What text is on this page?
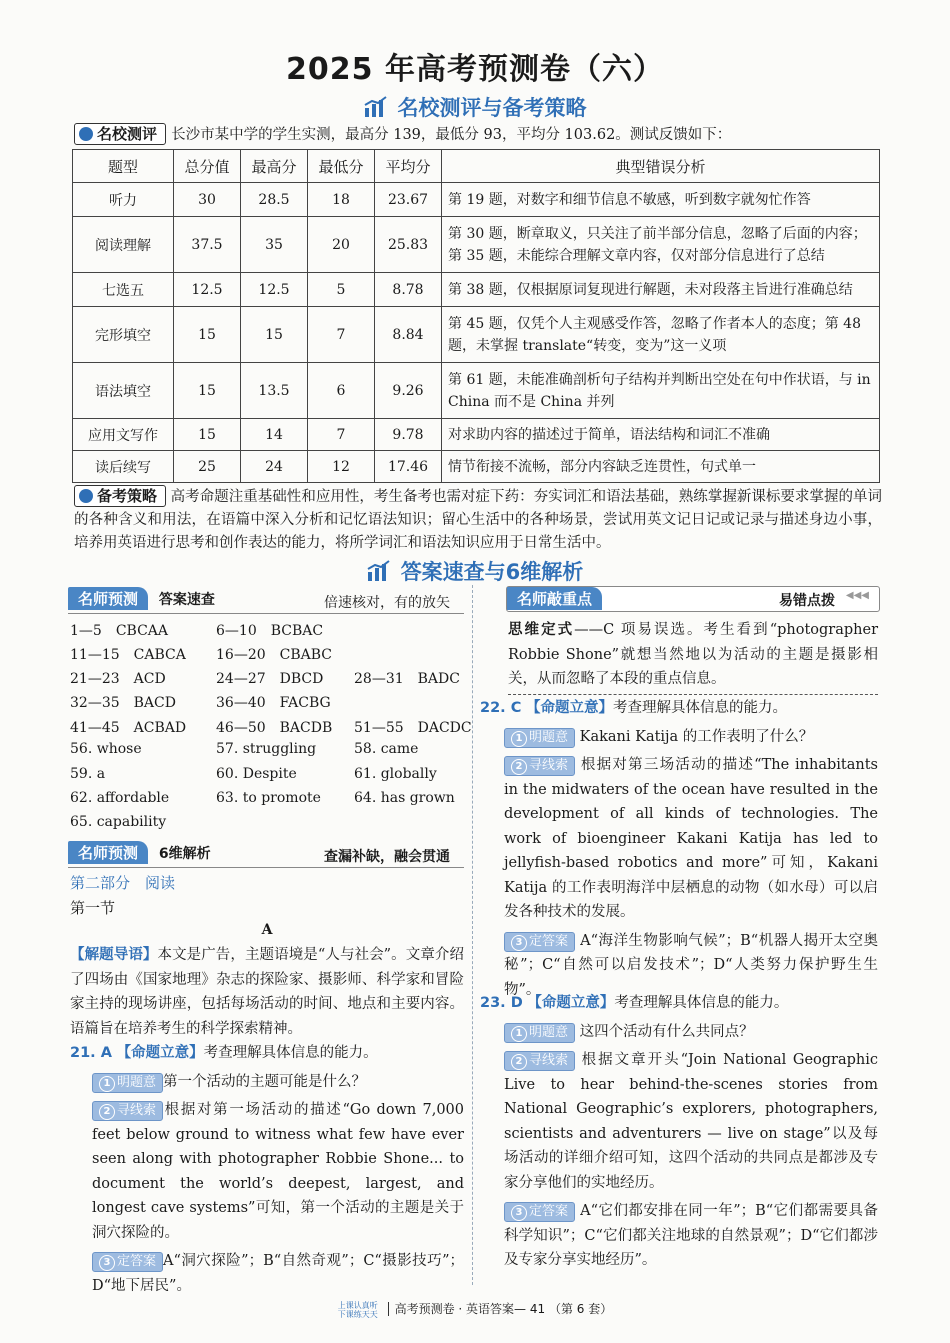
2025 年高考预测卷（六）
名校测评与备考策略
名校测评 长沙市某中学的学生实测，最高分 139，最低分 93，平均分 103.62。测试反馈如下：
题型	总分值	最高分	最低分	平均分	典型错误分析
听力	30	28.5	18	23.67	第 19 题，对数字和细节信息不敏感，听到数字就匆忙作答
阅读理解	37.5	35	20	25.83	第 30 题，断章取义，只关注了前半部分信息，忽略了后面的内容；第 35 题，未能综合理解文章内容，仅对部分信息进行了总结
七选五	12.5	12.5	5	8.78	第 38 题，仅根据原词复现进行解题，未对段落主旨进行准确总结
完形填空	15	15	7	8.84	第 45 题，仅凭个人主观感受作答，忽略了作者本人的态度；第 48 题，未掌握 translate“转变，变为”这一义项
语法填空	15	13.5	6	9.26	第 61 题，未能准确剖析句子结构并判断出空处在句中作状语，与 in China 而不是 China 并列
应用文写作	15	14	7	9.78	对求助内容的描述过于简单，语法结构和词汇不准确
读后续写	25	24	12	17.46	情节衔接不流畅，部分内容缺乏连贯性，句式单一
备考策略 高考命题注重基础性和应用性，考生备考也需对症下药：夯实词汇和语法基础，熟练掌握新课标要求掌握的单词的各种含义和用法，在语篇中深入分析和记忆语法知识；留心生活中的各种场景，尝试用英文记日记或记录与描述身边小事，培养用英语进行思考和创作表达的能力，将所学词汇和语法知识应用于日常生活中。
答案速查与6维解析
名师预测 答案速查	倍速核对，有的放矢
1—5　CBCAA	6—10　BCBAC
11—15　CABCA 16—20　CBABC
21—23　ACD	24—27　DBCD 28—31　BADC
32—35　BACD	36—40　FACBG
41—45　ACBAD 46—50　BACDB 51—55　DACDC
56. whose	57. struggling	58. came
59. a	60. Despite	61. globally
62. affordable	63. to promote 64. has grown
65. capability
名师预测 6维解析	查漏补缺，融会贯通
第二部分　阅读
第一节
A
【解题导语】本文是广告，主题语境是“人与社会”。文章介绍了四场由《国家地理》杂志的探险家、摄影师、科学家和冒险家主持的现场讲座，包括每场活动的时间、地点和主要内容。语篇旨在培养考生的科学探索精神。
21. A 【命题立意】考查理解具体信息的能力。
1 明题意 第一个活动的主题可能是什么？
2 寻线索 根据对第一场活动的描述“Go down 7,000 feet below ground to witness what few have ever seen along with photographer Robbie Shone... to document the world’s deepest, largest, and longest cave systems”可知，第一个活动的主题是关于洞穴探险的。
3 定答案 A“洞穴探险”；B“自然奇观”；C“摄影技巧”；D“地下居民”。
名师敲重点	易错点拨 ◀◀◀
思维定式——C 项易误选。考生看到“photographer Robbie Shone”就想当然地以为活动的主题是摄影相关，从而忽略了本段的重点信息。
22. C 【命题立意】考查理解具体信息的能力。
1 明题意 Kakani Katija 的工作表明了什么？
2 寻线索 根据对第三场活动的描述“The inhabitants in the midwaters of the ocean have resulted in the development of all kinds of technologies. The work of bioengineer Kakani Katija has led to jellyfish-based robotics and more”可知，Kakani Katija 的工作表明海洋中层栖息的动物（如水母）可以启发各种技术的发展。
3 定答案 A“海洋生物影响气候”；B“机器人揭开太空奥秘”；C“自然可以启发技术”；D“人类努力保护野生生物”。
23. D 【命题立意】考查理解具体信息的能力。
1 明题意 这四个活动有什么共同点？
2 寻线索 根据文章开头“Join National Geographic Live to hear behind-the-scenes stories from National Geographic’s explorers, photographers, scientists and adventurers — live on stage”以及每场活动的详细介绍可知，这四个活动的共同点是都涉及专家分享他们的实地经历。
3 定答案 A“它们都安排在同一年”；B“它们都需要具备科学知识”；C“它们都关注地球的自然景观”；D“它们都涉及专家分享实地经历”。
上课认真听
下课练天天 高考预测卷 · 英语答案— 41 （第 6 套）
